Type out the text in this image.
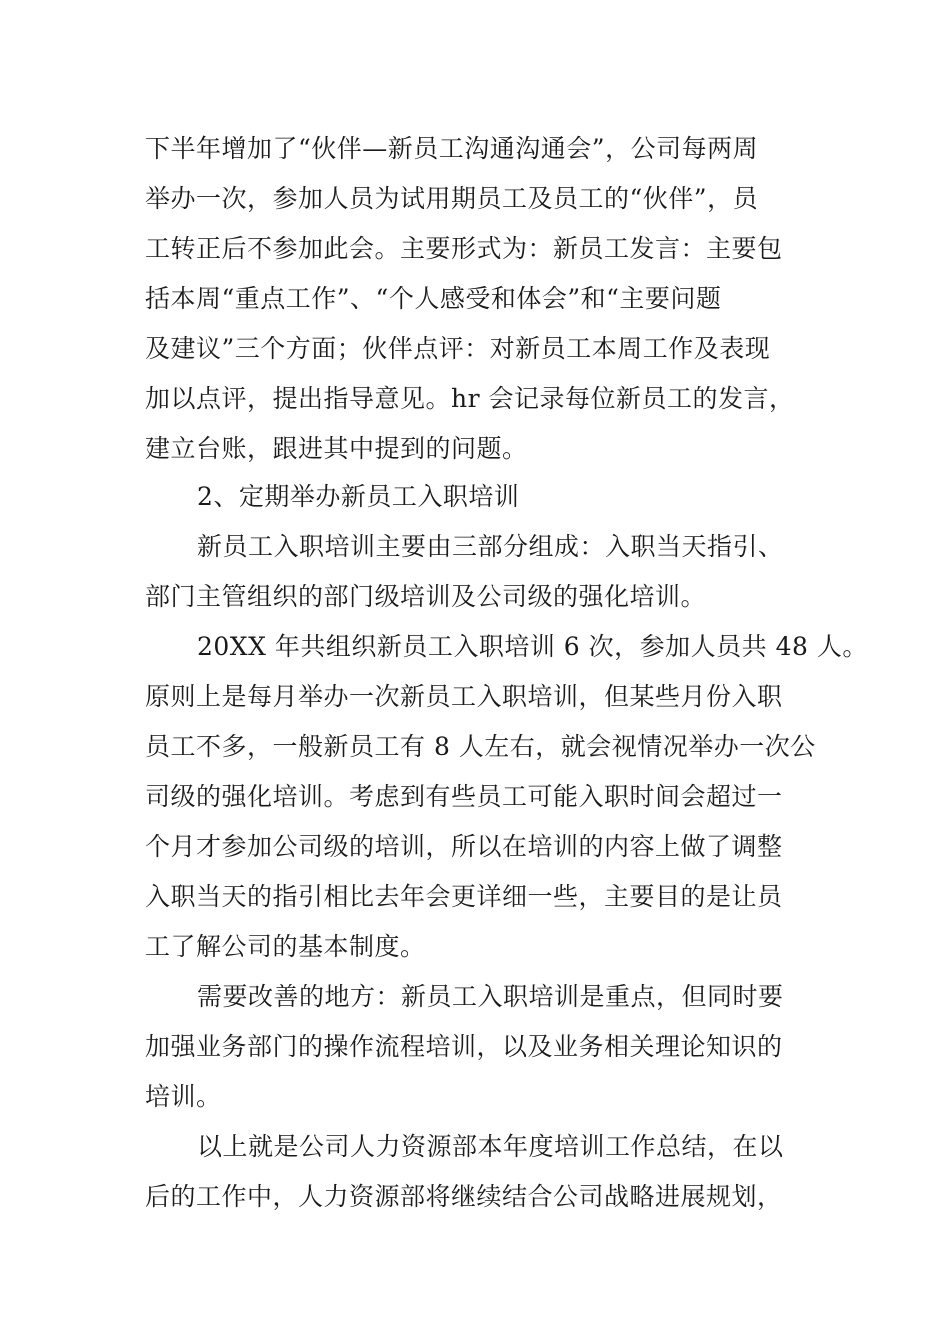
下半年增加了“伙伴—新员工沟通沟通会”，公司每两周
举办一次，参加人员为试用期员工及员工的“伙伴”，员
工转正后不参加此会。主要形式为：新员工发言：主要包
括本周“重点工作”、“个人感受和体会”和“主要问题
及建议”三个方面；伙伴点评：对新员工本周工作及表现
加以点评，提出指导意见。hr 会记录每位新员工的发言，
建立台账，跟进其中提到的问题。
2、定期举办新员工入职培训
新员工入职培训主要由三部分组成：入职当天指引、
部门主管组织的部门级培训及公司级的强化培训。
20XX 年共组织新员工入职培训 6 次，参加人员共 48 人。
原则上是每月举办一次新员工入职培训，但某些月份入职
员工不多，一般新员工有 8 人左右，就会视情况举办一次公
司级的强化培训。考虑到有些员工可能入职时间会超过一
个月才参加公司级的培训，所以在培训的内容上做了调整
入职当天的指引相比去年会更详细一些，主要目的是让员
工了解公司的基本制度。
需要改善的地方：新员工入职培训是重点，但同时要
加强业务部门的操作流程培训，以及业务相关理论知识的
培训。
以上就是公司人力资源部本年度培训工作总结，在以
后的工作中，人力资源部将继续结合公司战略进展规划，
